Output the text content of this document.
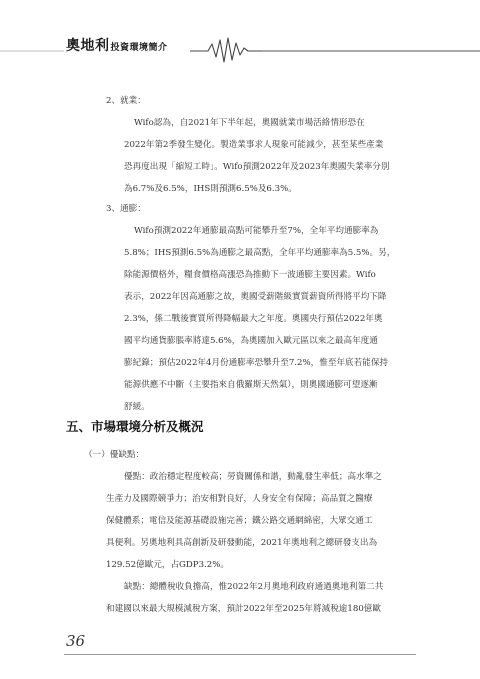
奧地利投資環境簡介
2、就業：
Wifo認為，自2021年下半年起，奧國就業市場活絡情形恐在
2022年第2季發生變化。製造業事求人現象可能減少，甚至某些產業
恐再度出現「縮短工時」。Wifo預測2022年及2023年奧國失業率分別
為6.7%及6.5%，IHS則預測6.5%及6.3%。
3、通膨：
Wifo預測2022年通膨最高點可能攀升至7%，全年平均通膨率為
5.8%；IHS預測6.5%為通膨之最高點，全年平均通膨率為5.5%。另，
除能源價格外，糧食價格高漲恐為推動下一波通膨主要因素。Wifo
表示，2022年因高通膨之故，奧國受薪階級實質薪資所得將平均下降
2.3%，係二戰後實質所得降幅最大之年度。奧國央行預估2022年奧
國平均通貨膨脹率將達5.6%，為奧國加入歐元區以來之最高年度通
膨紀錄；預估2022年4月份通膨率恐攀升至7.2%，惟至年底若能保持
能源供應不中斷（主要指來自俄羅斯天然氣），則奧國通膨可望逐漸
舒緩。
五、市場環境分析及概況
（一）優缺點：
優點：政治穩定程度較高；勞資關係和諧，動亂發生率低；高水準之
生產力及國際競爭力；治安相對良好，人身安全有保障；高品質之醫療
保健體系；電信及能源基礎設施完善；鐵公路交通網綿密，大眾交通工
具便利。另奧地利具高創新及研發動能，2021年奧地利之總研發支出為
129.52億歐元，占GDP3.2%。
缺點：總體稅收負擔高，惟2022年2月奧地利政府通過奧地利第二共
和建國以來最大規模減稅方案，預計2022年至2025年將減稅逾180億歐
36
